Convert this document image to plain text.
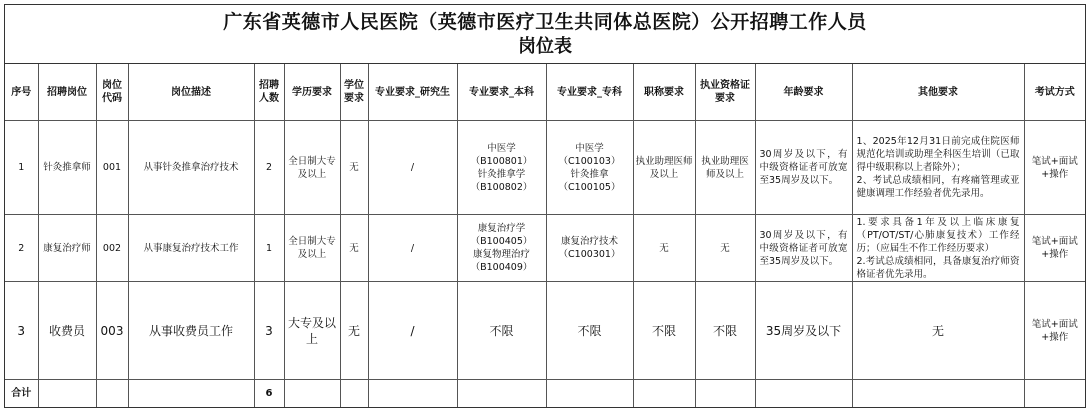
广东省英德市人民医院（英德市医疗卫生共同体总医院）公开招聘工作人员
岗位表
序号	招聘岗位	岗位代码	岗位描述	招聘人数	学历要求	学位要求	专业要求_研究生	专业要求_本科	专业要求_专科	职称要求	执业资格证要求	年龄要求	其他要求	考试方式
1	针灸推拿师	001	从事针灸推拿治疗技术	2	全日制大专及以上	无	/	中医学
（B100801）
针灸推拿学
（B100802）	中医学
（C100103）
针灸推拿
（C100105）	执业助理医师及以上	执业助理医师及以上	30周岁及以下，有中级资格证者可放宽至35周岁及以下。	1、2025年12月31日前完成住院医师规范化培训或助理全科医生培训（已取得中级职称以上者除外）；
2、考试总成绩相同，有疼痛管理或亚健康调理工作经验者优先录用。	笔试+面试+操作
2	康复治疗师	002	从事康复治疗技术工作	1	全日制大专及以上	无	/	康复治疗学
（B100405）
康复物理治疗
（B100409）	康复治疗技术
（C100301）	无	无	30周岁及以下，有中级资格证者可放宽至35周岁及以下。	1.要求具备1年及以上临床康复（PT/OT/ST/心肺康复技术）工作经历；（应届生不作工作经历要求）
2.考试总成绩相同，具备康复治疗师资格证者优先录用。	笔试+面试+操作
3	收费员	003	从事收费员工作	3	大专及以上	无	/	不限	不限	不限	不限	35周岁及以下	无	笔试+面试+操作
合计				6										
